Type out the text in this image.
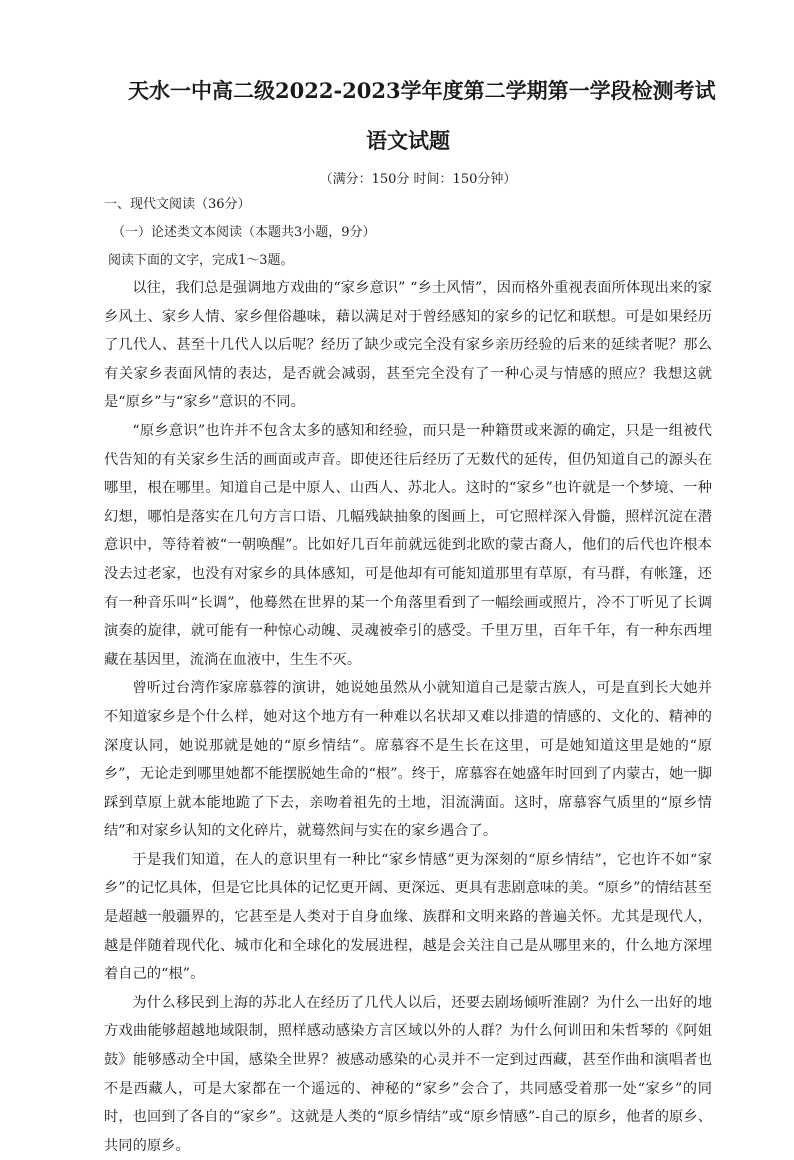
天水一中高二级2022-2023学年度第二学期第一学段检测考试
语文试题
（满分：150分 时间：150分钟）
一、现代文阅读（36分）
（一）论述类文本阅读（本题共3小题，9分）
阅读下面的文字，完成1～3题。

以往，我们总是强调地方戏曲的“家乡意识” “乡土风情”，因而格外重视表面所体现出来的家乡风土、家乡人情、家乡俚俗趣味，藉以满足对于曾经感知的家乡的记忆和联想。可是如果经历了几代人、甚至十几代人以后呢？经历了缺少或完全没有家乡亲历经验的后来的延续者呢？那么有关家乡表面风情的表达，是否就会减弱，甚至完全没有了一种心灵与情感的照应？我想这就是“原乡”与“家乡”意识的不同。

“原乡意识”也许并不包含太多的感知和经验，而只是一种籍贯或来源的确定，只是一组被代代告知的有关家乡生活的画面或声音。即使还往后经历了无数代的延传，但仍知道自己的源头在哪里，根在哪里。知道自己是中原人、山西人、苏北人。这时的“家乡”也许就是一个梦境、一种幻想，哪怕是落实在几句方言口语、几幅残缺抽象的图画上，可它照样深入骨髓，照样沉淀在潜意识中，等待着被“一朝唤醒”。比如好几百年前就远徙到北欧的蒙古裔人，他们的后代也许根本没去过老家，也没有对家乡的具体感知，可是他却有可能知道那里有草原，有马群，有帐篷，还有一种音乐叫“长调”，他蓦然在世界的某一个角落里看到了一幅绘画或照片，冷不丁听见了长调演奏的旋律，就可能有一种惊心动魄、灵魂被牵引的感受。千里万里，百年千年，有一种东西埋藏在基因里，流淌在血液中，生生不灭。

曾听过台湾作家席慕蓉的演讲，她说她虽然从小就知道自己是蒙古族人，可是直到长大她并不知道家乡是个什么样，她对这个地方有一种难以名状却又难以排遣的情感的、文化的、精神的深度认同，她说那就是她的“原乡情结”。席慕容不是生长在这里，可是她知道这里是她的“原乡”，无论走到哪里她都不能摆脱她生命的“根”。终于，席慕容在她盛年时回到了内蒙古，她一脚踩到草原上就本能地跪了下去，亲吻着祖先的土地，泪流满面。这时，席慕容气质里的“原乡情结”和对家乡认知的文化碎片，就蓦然间与实在的家乡遇合了。

于是我们知道，在人的意识里有一种比“家乡情感”更为深刻的“原乡情结”，它也许不如“家乡”的记忆具体，但是它比具体的记忆更开阔、更深远、更具有悲剧意味的美。“原乡”的情结甚至是超越一般疆界的，它甚至是人类对于自身血缘、族群和文明来路的普遍关怀。尤其是现代人，越是伴随着现代化、城市化和全球化的发展进程，越是会关注自己是从哪里来的，什么地方深埋着自己的“根”。

为什么移民到上海的苏北人在经历了几代人以后，还要去剧场倾听淮剧？为什么一出好的地方戏曲能够超越地域限制，照样感动感染方言区域以外的人群？为什么何训田和朱哲琴的《阿姐鼓》能够感动全中国，感染全世界？被感动感染的心灵并不一定到过西藏，甚至作曲和演唱者也不是西藏人，可是大家都在一个遥远的、神秘的“家乡”会合了，共同感受着那一处“家乡”的同时，也回到了各自的“家乡”。这就是人类的“原乡情结”或“原乡情感”-自己的原乡，他者的原乡、共同的原乡。
